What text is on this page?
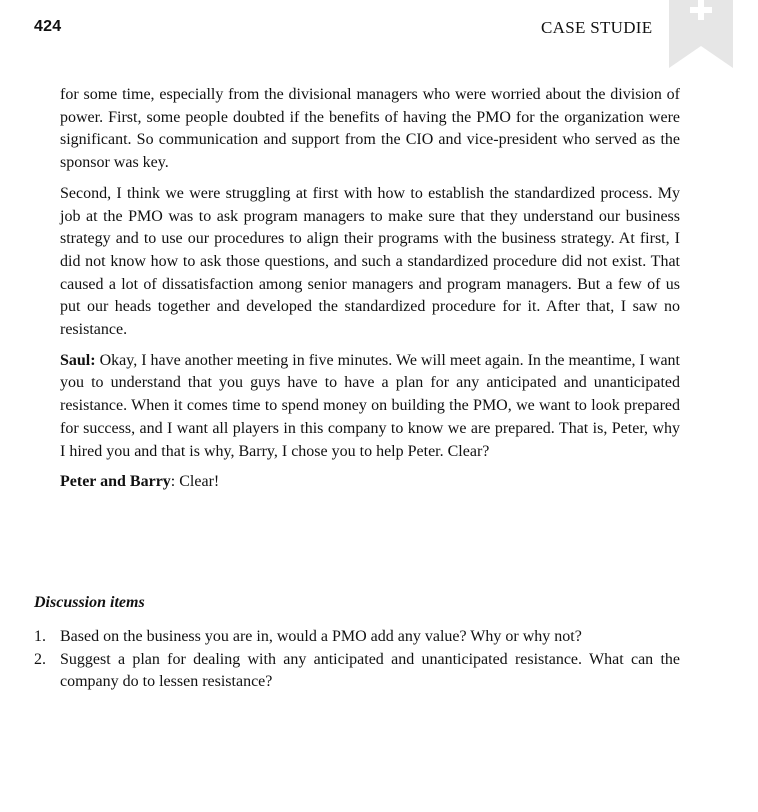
424	CASE STUDIE

for some time, especially from the divisional managers who were worried about the division of power. First, some people doubted if the benefits of having the PMO for the organization were significant. So communication and support from the CIO and vice-president who served as the sponsor was key.

Second, I think we were struggling at first with how to establish the standardized process. My job at the PMO was to ask program managers to make sure that they understand our business strategy and to use our procedures to align their programs with the business strategy. At first, I did not know how to ask those questions, and such a standardized procedure did not exist. That caused a lot of dissatisfaction among senior managers and program managers. But a few of us put our heads together and developed the standardized procedure for it. After that, I saw no resistance.

Saul: Okay, I have another meeting in five minutes. We will meet again. In the meantime, I want you to understand that you guys have to have a plan for any anticipated and unanticipated resistance. When it comes time to spend money on building the PMO, we want to look prepared for success, and I want all players in this company to know we are prepared. That is, Peter, why I hired you and that is why, Barry, I chose you to help Peter. Clear?

Peter and Barry: Clear!

Discussion items
1. Based on the business you are in, would a PMO add any value? Why or why not?
2. Suggest a plan for dealing with any anticipated and unanticipated resistance. What can the company do to lessen resistance?
